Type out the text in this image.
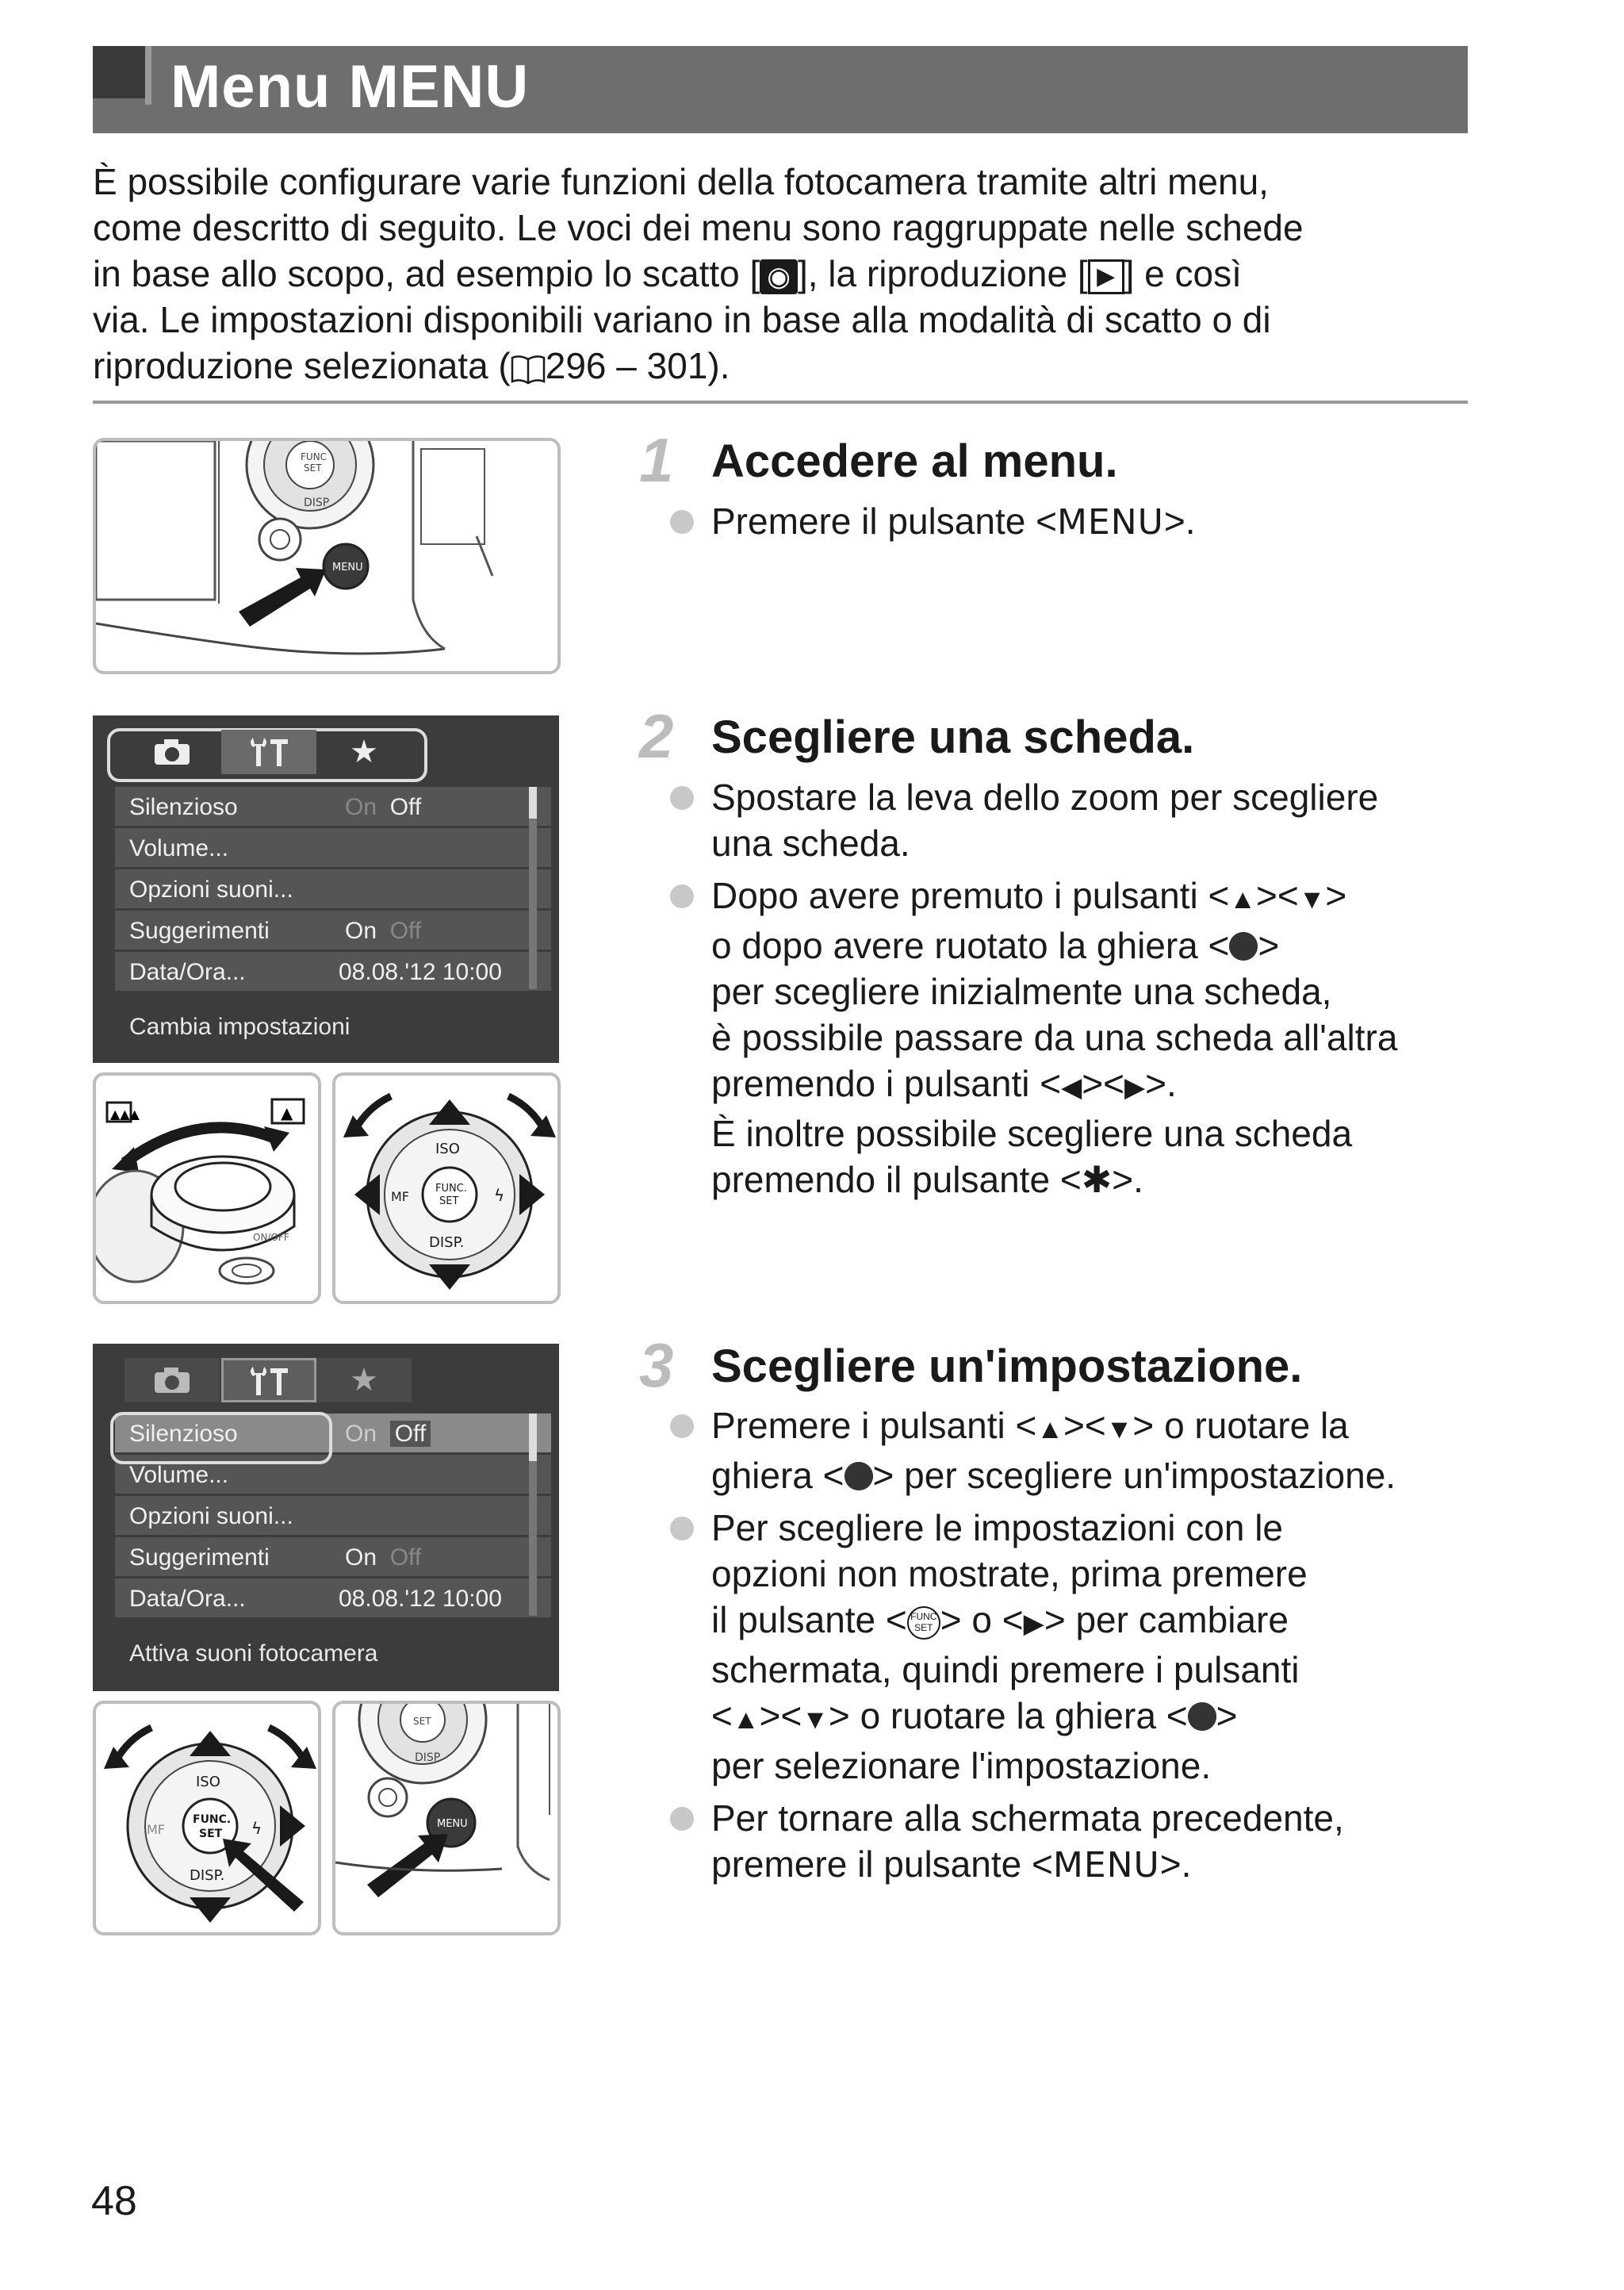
Menu MENU
È possibile configurare varie funzioni della fotocamera tramite altri menu,
come descritto di seguito. Le voci dei menu sono raggruppate nelle schede
in base allo scopo, ad esempio lo scatto [ ◉ ], la riproduzione [ ▶ ] e così
via. Le impostazioni disponibili variano in base alla modalità di scatto o di
riproduzione selezionata ( 296 – 301).
FUNC
SET
DISP
MENU
1 Accedere al menu.
Premere il pulsante <MENU>.
★
Silenzioso	On Off
Volume...
Opzioni suoni...
Suggerimenti	On Off
Data/Ora...	08.08.'12 10:00
Cambia impostazioni
▲▲▲	▲
ON/OFF
FUNC.
SET
ISO
DISP.
MF	ϟ
2 Scegliere una scheda.
Spostare la leva dello zoom per scegliere
una scheda.
Dopo avere premuto i pulsanti <▲><▼>
o dopo avere ruotato la ghiera < >
per scegliere inizialmente una scheda,
è possibile passare da una scheda all'altra
premendo i pulsanti <◀><▶>.
È inoltre possibile scegliere una scheda
premendo il pulsante <✱>.
★
Silenzioso	On Off
Volume...
Opzioni suoni...
Suggerimenti	On Off
Data/Ora...	08.08.'12 10:00
Attiva suoni fotocamera
FUNC.
SET
ISO
DISP.
MF	ϟ
SET
DISP
MENU
3 Scegliere un'impostazione.
Premere i pulsanti <▲><▼> o ruotare la
ghiera < > per scegliere un'impostazione.
Per scegliere le impostazioni con le
opzioni non mostrate, prima premere
il pulsante < FUNC
SET > o <▶> per cambiare
schermata, quindi premere i pulsanti
<▲><▼> o ruotare la ghiera < >
per selezionare l'impostazione.
Per tornare alla schermata precedente,
premere il pulsante <MENU>.
48
